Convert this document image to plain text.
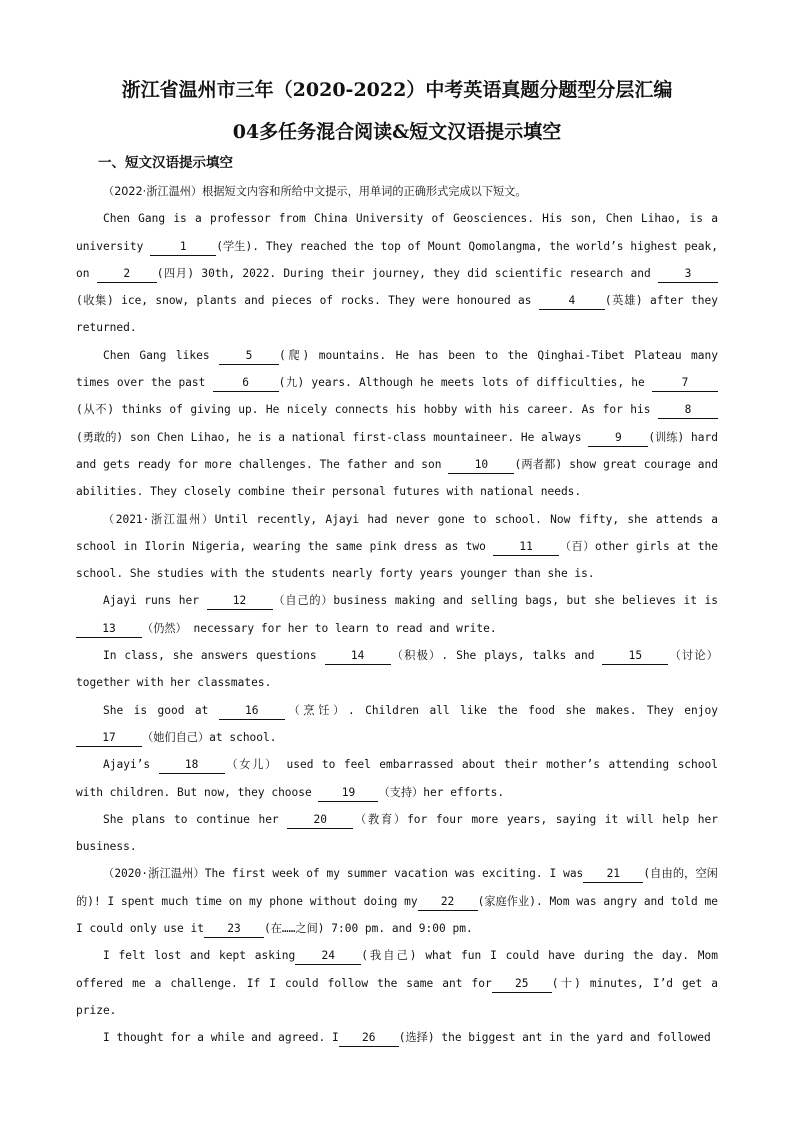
浙江省温州市三年（2020-2022）中考英语真题分题型分层汇编
04多任务混合阅读&短文汉语提示填空
一、短文汉语提示填空

（2022·浙江温州）根据短文内容和所给中文提示，用单词的正确形式完成以下短文。

Chen Gang is a professor from China University of Geosciences. His son, Chen Lihao, is a university	1	(学生). They reached the top of Mount Qomolangma, the world’s highest peak, on 2 (四月) 30th, 2022. During their journey, they did scientific research and 3(收集) ice, snow, plants and pieces of rocks. They were honoured as	4	(英雄) after they returned.

Chen Gang likes 5 (爬) mountains. He has been to the Qinghai-Tibet Plateau many times over the past	6	(九) years. Although he meets lots of difficulties, he	7(从不) thinks of giving up. He nicely connects his hobby with his career. As for his 8(勇敢的) son Chen Lihao, he is a national first-class mountaineer. He always 9 (训练) hard and gets ready for more challenges. The father and son 10 (两者都) show great courage and abilities. They closely combine their personal futures with national needs.

（2021·浙江温州）Until recently, Ajayi had never gone to school. Now fifty, she attends a school in Ilorin Nigeria, wearing the same pink dress as two 11 （百）other girls at the school. She studies with the students nearly forty years younger than she is.

Ajayi runs her 12 （自己的）business making and selling bags, but she believes it is 13 （仍然） necessary for her to learn to read and write.

In class, she answers questions 14 （积极）. She plays, talks and 15 （讨论）together with her classmates.

She is good at 16 （烹饪）. Children all like the food she makes. They enjoy 17 （她们自己）at school.

Ajayi’s 18 （女儿） used to feel embarrassed about their mother’s attending school with children. But now, they choose 19 （支持）her efforts.

She plans to continue her 20 （教育）for four more years, saying it will help her business.

（2020·浙江温州）The first week of my summer vacation was exciting. I was 21 (自由的，空闲的)! I spent much time on my phone without doing my 22 (家庭作业). Mom was angry and told me I could only use it 23 (在……之间) 7:00 pm. and 9:00 pm.

I felt lost and kept asking 24 (我自己) what fun I could have during the day. Mom offered me a challenge. If I could follow the same ant for 25 (十) minutes, I’d get a prize.

I thought for a while and agreed. I 26 (选择) the biggest ant in the yard and followed
